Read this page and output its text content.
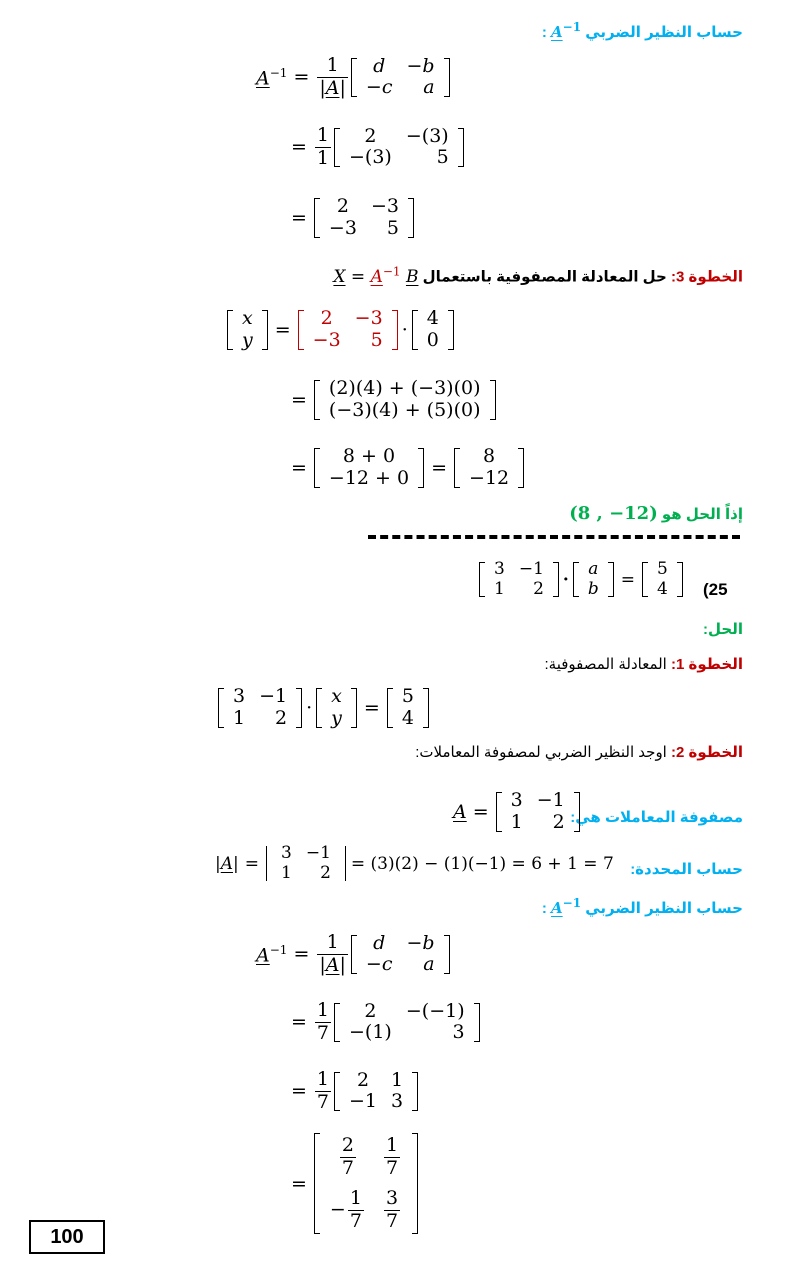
حساب النظير الضربي $A^{-1}$ :
$A^{-1} = \frac{1}{|A|}$ d	−b
−c	a
= $\frac{1}{1} 2$	−(3)
−(3)	5
=
2	−3
−3	5
الخطوة 3: حل المعادلة المصفوفية باستعمال $X = A^{-1}$ B
x
y =
2	−3
−3	5 ·
4
0
=
(2)(4) + (−3)(0)
(−3)(4) + (5)(0)
=
8 + 0
−12 + 0 =
8
−12
إذاً الحل هو (8 , −12)
3	−1
1	2 ·
a
b =
5
4 (25
الحل:
الخطوة 1: المعادلة المصفوفية:
3	−1
1	2 ·
x
y =
5
4
الخطوة 2: اوجد النظير الضربي لمصفوفة المعاملات:
مصفوفة المعاملات هي:
A =
3	−1
1	2
|A| =
3	−1
1	2 = (3)(2) − (1)(−1) = 6 + 1 = 7 حساب المحددة:
حساب النظير الضربي $A^{-1}$ :
$A^{-1} = \frac{1}{|A|}$ d	−b
−c	a
= $\frac{1}{7} 2$	−(−1)
−(1)	3
= $\frac{1}{7} 2$	1
−1	3
=
$\frac{2}{7}$	$\frac{1}{7}$

− $\frac{1}{7}$	$\frac{3}{7}$
100
